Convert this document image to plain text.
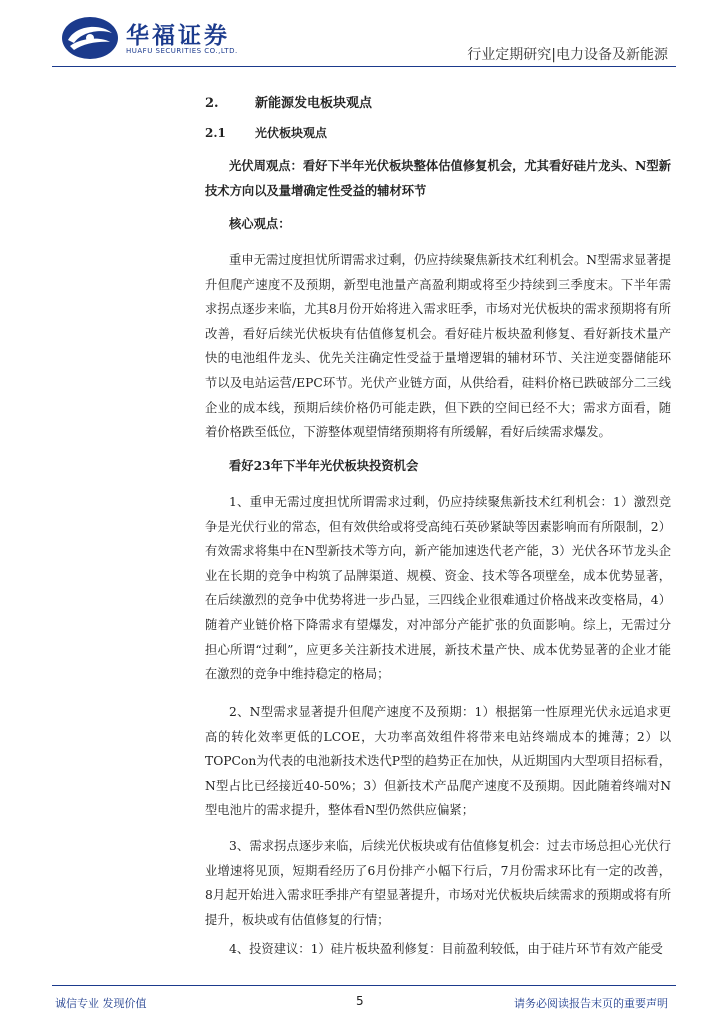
华福证券
HUAFU SECURITIES CO.,LTD.	行业定期研究|电力设备及新能源
2.	新能源发电板块观点
2.1 光伏板块观点

光伏周观点：看好下半年光伏板块整体估值修复机会，尤其看好硅片龙头、N型新技术方向以及量增确定性受益的辅材环节

核心观点：

重申无需过度担忧所谓需求过剩，仍应持续聚焦新技术红利机会。N型需求显著提升但爬产速度不及预期，新型电池量产高盈利期或将至少持续到三季度末。下半年需求拐点逐步来临，尤其8月份开始将进入需求旺季，市场对光伏板块的需求预期将有所改善，看好后续光伏板块有估值修复机会。看好硅片板块盈利修复、看好新技术量产快的电池组件龙头、优先关注确定性受益于量增逻辑的辅材环节、关注逆变器储能环节以及电站运营/EPC环节。光伏产业链方面，从供给看，硅料价格已跌破部分二三线企业的成本线，预期后续价格仍可能走跌，但下跌的空间已经不大；需求方面看，随着价格跌至低位，下游整体观望情绪预期将有所缓解，看好后续需求爆发。

看好23年下半年光伏板块投资机会

1、重申无需过度担忧所谓需求过剩，仍应持续聚焦新技术红利机会：1）激烈竞争是光伏行业的常态，但有效供给或将受高纯石英砂紧缺等因素影响而有所限制，2）有效需求将集中在N型新技术等方向，新产能加速迭代老产能，3）光伏各环节龙头企业在长期的竞争中构筑了品牌渠道、规模、资金、技术等各项壁垒，成本优势显著，在后续激烈的竞争中优势将进一步凸显，三四线企业很难通过价格战来改变格局，4）随着产业链价格下降需求有望爆发，对冲部分产能扩张的负面影响。综上，无需过分担心所谓“过剩”，应更多关注新技术进展，新技术量产快、成本优势显著的企业才能在激烈的竞争中维持稳定的格局；

2、N型需求显著提升但爬产速度不及预期：1）根据第一性原理光伏永远追求更高的转化效率更低的LCOE，大功率高效组件将带来电站终端成本的摊薄；2）以TOPCon为代表的电池新技术迭代P型的趋势正在加快，从近期国内大型项目招标看，N型占比已经接近40-50%；3）但新技术产品爬产速度不及预期。因此随着终端对N型电池片的需求提升，整体看N型仍然供应偏紧；

3、需求拐点逐步来临，后续光伏板块或有估值修复机会：过去市场总担心光伏行业增速将见顶，短期看经历了6月份排产小幅下行后，7月份需求环比有一定的改善，8月起开始进入需求旺季排产有望显著提升，市场对光伏板块后续需求的预期或将有所提升，板块或有估值修复的行情；

4、投资建议：1）硅片板块盈利修复：目前盈利较低，由于硅片环节有效产能受

诚信专业 发现价值	5	请务必阅读报告末页的重要声明
